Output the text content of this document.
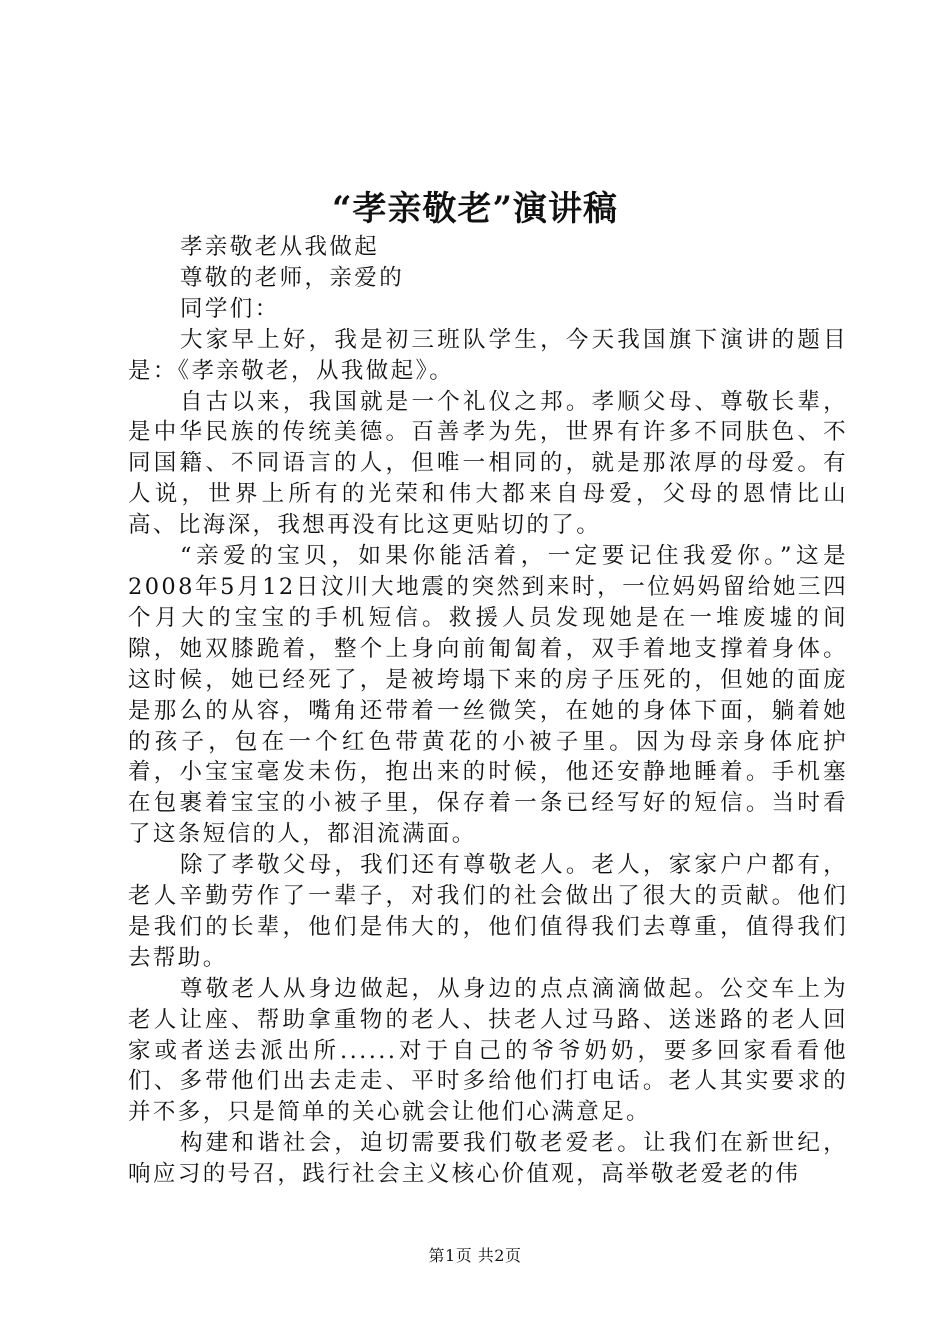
“孝亲敬老”演讲稿

孝亲敬老从我做起

尊敬的老师，亲爱的

同学们：

大家早上好，我是初三班队学生，今天我国旗下演讲的题目是：《孝亲敬老，从我做起》。

自古以来，我国就是一个礼仪之邦。孝顺父母、尊敬长辈，是中华民族的传统美德。百善孝为先，世界有许多不同肤色、不同国籍、不同语言的人，但唯一相同的，就是那浓厚的母爱。有人说，世界上所有的光荣和伟大都来自母爱，父母的恩情比山高、比海深，我想再没有比这更贴切的了。

“亲爱的宝贝，如果你能活着，一定要记住我爱你。”这是2008年5月12日汶川大地震的突然到来时，一位妈妈留给她三四个月大的宝宝的手机短信。救援人员发现她是在一堆废墟的间隙，她双膝跪着，整个上身向前匍匐着，双手着地支撑着身体。这时候，她已经死了，是被垮塌下来的房子压死的，但她的面庞是那么的从容，嘴角还带着一丝微笑，在她的身体下面，躺着她的孩子，包在一个红色带黄花的小被子里。因为母亲身体庇护着，小宝宝毫发未伤，抱出来的时候，他还安静地睡着。手机塞在包裹着宝宝的小被子里，保存着一条已经写好的短信。当时看了这条短信的人，都泪流满面。

除了孝敬父母，我们还有尊敬老人。老人，家家户户都有，老人辛勤劳作了一辈子，对我们的社会做出了很大的贡献。他们是我们的长辈，他们是伟大的，他们值得我们去尊重，值得我们去帮助。

尊敬老人从身边做起，从身边的点点滴滴做起。公交车上为老人让座、帮助拿重物的老人、扶老人过马路、送迷路的老人回家或者送去派出所......对于自己的爷爷奶奶，要多回家看看他们、多带他们出去走走、平时多给他们打电话。老人其实要求的并不多，只是简单的关心就会让他们心满意足。

构建和谐社会，迫切需要我们敬老爱老。让我们在新世纪，响应习的号召，践行社会主义核心价值观，高举敬老爱老的伟

第1页 共2页
